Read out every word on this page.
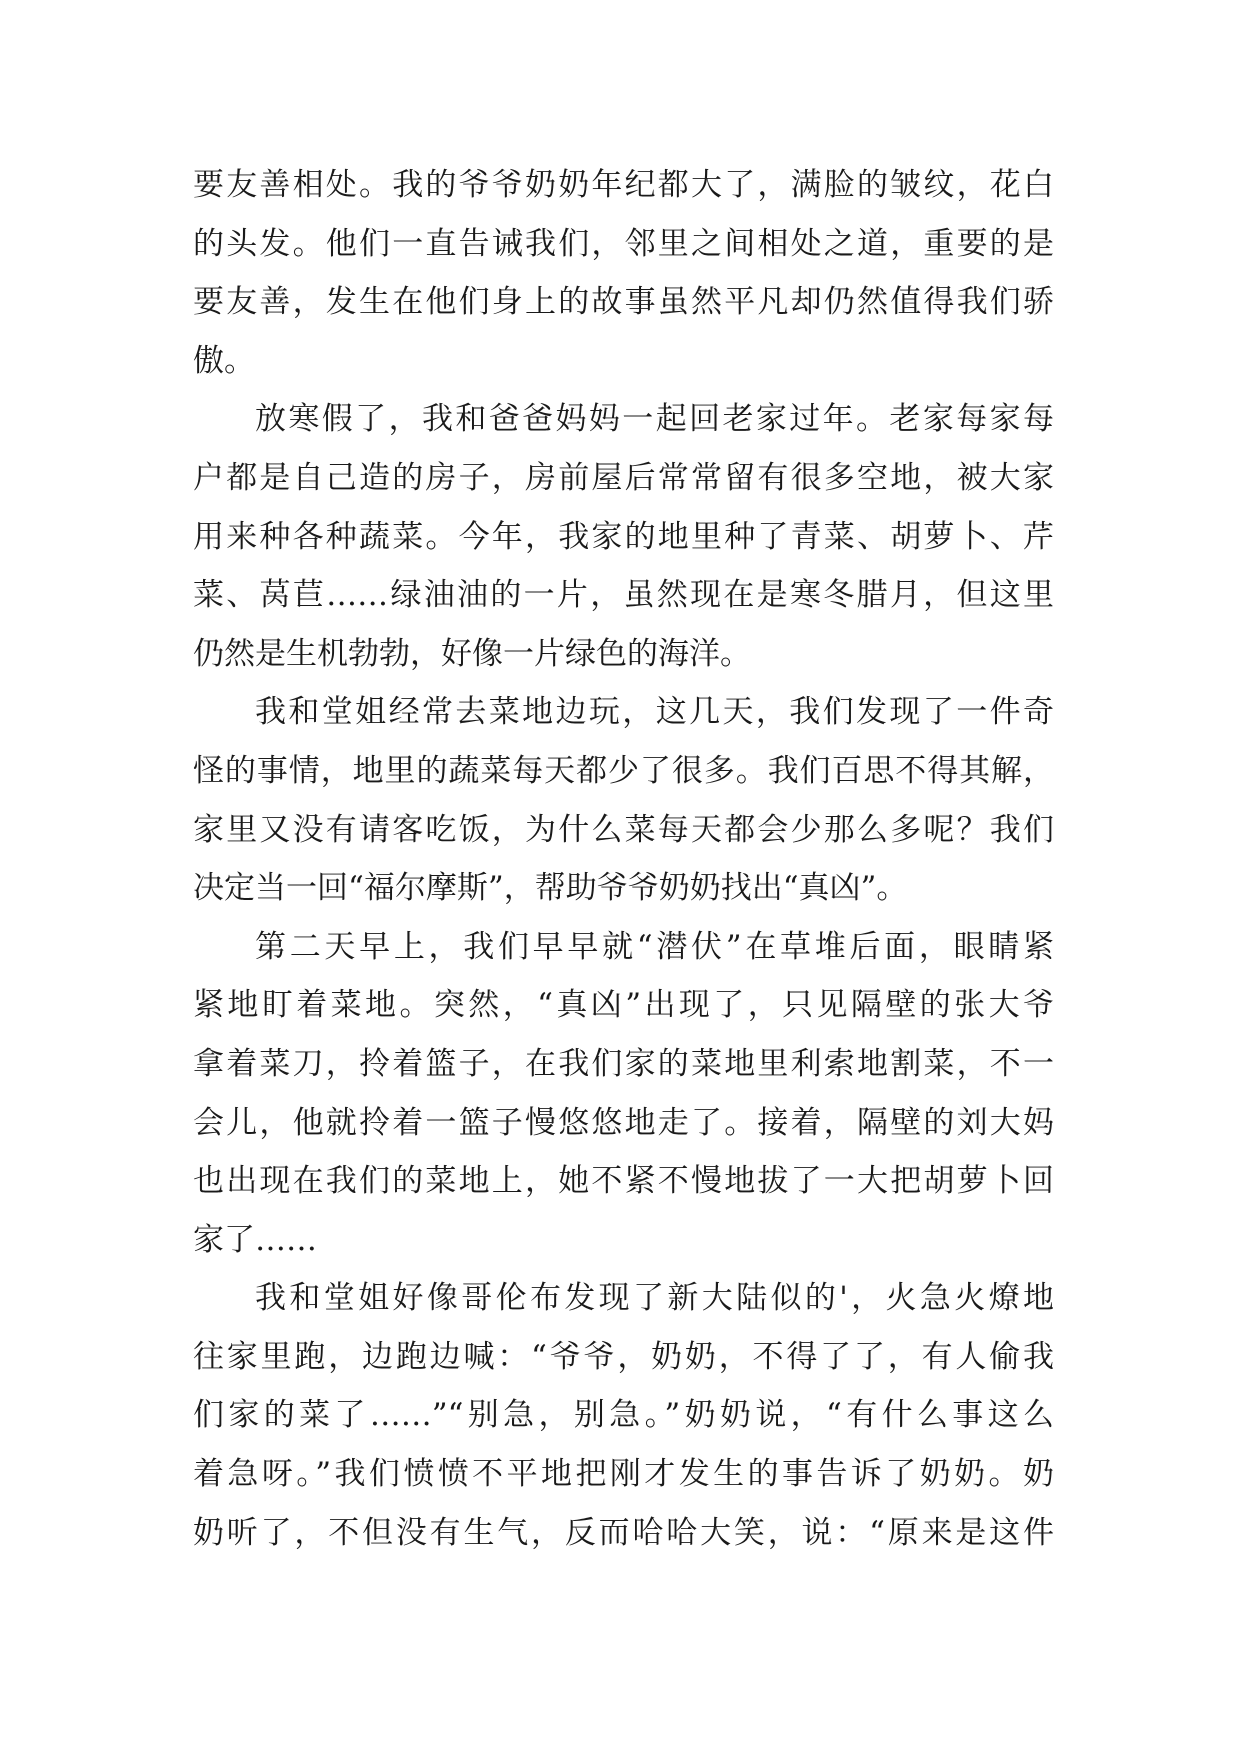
要友善相处。我的爷爷奶奶年纪都大了，满脸的皱纹，花白
的头发。他们一直告诫我们，邻里之间相处之道，重要的是
要友善，发生在他们身上的故事虽然平凡却仍然值得我们骄
傲。
放寒假了，我和爸爸妈妈一起回老家过年。老家每家每
户都是自己造的房子，房前屋后常常留有很多空地，被大家
用来种各种蔬菜。今年，我家的地里种了青菜、胡萝卜、芹
菜、莴苣……绿油油的一片，虽然现在是寒冬腊月，但这里
仍然是生机勃勃，好像一片绿色的海洋。
我和堂姐经常去菜地边玩，这几天，我们发现了一件奇
怪的事情，地里的蔬菜每天都少了很多。我们百思不得其解，
家里又没有请客吃饭，为什么菜每天都会少那么多呢？我们
决定当一回“福尔摩斯”，帮助爷爷奶奶找出“真凶”。
第二天早上，我们早早就“潜伏”在草堆后面，眼睛紧
紧地盯着菜地。突然，“真凶”出现了，只见隔壁的张大爷
拿着菜刀，拎着篮子，在我们家的菜地里利索地割菜，不一
会儿，他就拎着一篮子慢悠悠地走了。接着，隔壁的刘大妈
也出现在我们的菜地上，她不紧不慢地拔了一大把胡萝卜回
家了……
我和堂姐好像哥伦布发现了新大陆似的'，火急火燎地
往家里跑，边跑边喊：“爷爷，奶奶，不得了了，有人偷我
们家的菜了……”“别急，别急。”奶奶说，“有什么事这么
着急呀。”我们愤愤不平地把刚才发生的事告诉了奶奶。奶
奶听了，不但没有生气，反而哈哈大笑，说：“原来是这件
